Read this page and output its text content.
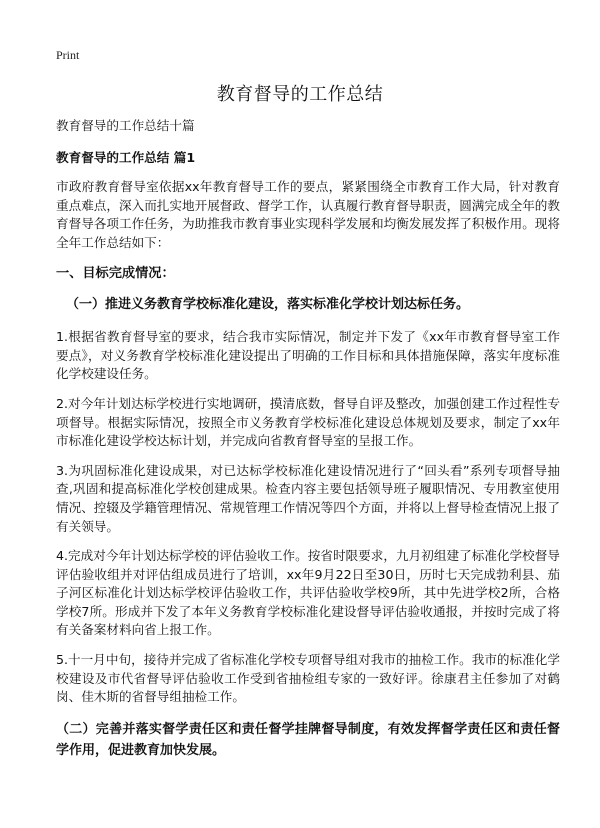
Print
教育督导的工作总结

教育督导的工作总结十篇

教育督导的工作总结 篇1

市政府教育督导室依据xx年教育督导工作的要点，紧紧围绕全市教育工作大局，针对教育重点难点，深入而扎实地开展督政、督学工作，认真履行教育督导职责，圆满完成全年的教育督导各项工作任务，为助推我市教育事业实现科学发展和均衡发展发挥了积极作用。现将全年工作总结如下：

一、目标完成情况：

（一）推进义务教育学校标准化建设，落实标准化学校计划达标任务。

1.根据省教育督导室的要求，结合我市实际情况，制定并下发了《xx年市教育督导室工作要点》，对义务教育学校标准化建设提出了明确的工作目标和具体措施保障，落实年度标准化学校建设任务。

2.对今年计划达标学校进行实地调研，摸清底数，督导自评及整改，加强创建工作过程性专项督导。根据实际情况，按照全市义务教育学校标准化建设总体规划及要求，制定了xx年市标准化建设学校达标计划，并完成向省教育督导室的呈报工作。

3.为巩固标准化建设成果，对已达标学校标准化建设情况进行了“回头看”系列专项督导抽查,巩固和提高标准化学校创建成果。检查内容主要包括领导班子履职情况、专用教室使用情况、控辍及学籍管理情况、常规管理工作情况等四个方面，并将以上督导检查情况上报了有关领导。

4.完成对今年计划达标学校的评估验收工作。按省时限要求，九月初组建了标准化学校督导评估验收组并对评估组成员进行了培训，xx年9月22日至30日，历时七天完成勃利县、茄子河区标准化计划达标学校评估验收工作，共评估验收学校9所，其中先进学校2所，合格学校7所。形成并下发了本年义务教育学校标准化建设督导评估验收通报，并按时完成了将有关备案材料向省上报工作。

5.十一月中旬，接待并完成了省标准化学校专项督导组对我市的抽检工作。我市的标准化学校建设及市代省督导评估验收工作受到省抽检组专家的一致好评。徐康君主任参加了对鹤岗、佳木斯的省督导组抽检工作。

（二）完善并落实督学责任区和责任督学挂牌督导制度，有效发挥督学责任区和责任督学作用，促进教育加快发展。
